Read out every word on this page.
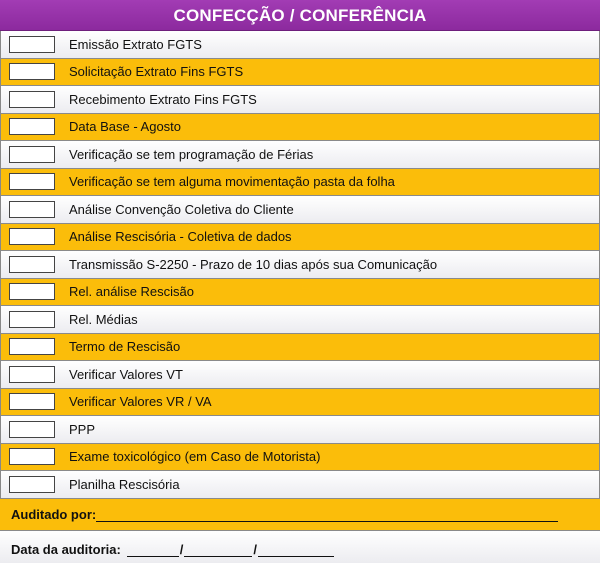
CONFECÇÃO / CONFERÊNCIA
Emissão Extrato FGTS
Solicitação Extrato Fins FGTS
Recebimento Extrato Fins FGTS
Data Base - Agosto
Verificação se tem programação de Férias
Verificação se tem alguma movimentação pasta da folha
Análise Convenção Coletiva do Cliente
Análise Rescisória - Coletiva de dados
Transmissão S-2250 - Prazo de 10 dias após sua Comunicação
Rel. análise Rescisão
Rel. Médias
Termo de Rescisão
Verificar Valores VT
Verificar Valores VR / VA
PPP
Exame toxicológico (em Caso de Motorista)
Planilha Rescisória
Auditado por:
Data da auditoria:	/	/
